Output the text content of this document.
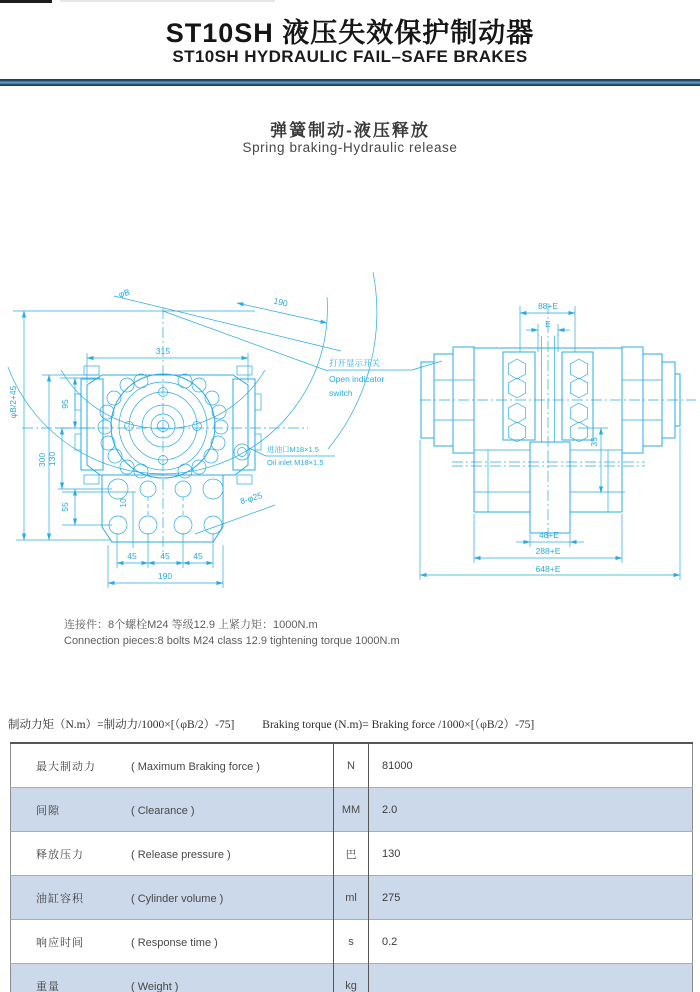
ST10SH 液压失效保护制动器
ST10SH HYDRAULIC FAIL–SAFE BRAKES
弹簧制动-液压释放
Spring braking-Hydraulic release
φB
190
315
φB/2+45
300
95
130
55	10
45	45	45
190
8-φ25
进油口M18×1.5
Oil inlet M18×1.5
88+E
E
35
48+E
288+E
648+E
打开显示开关
Open indicator
switch
连接件：8个螺栓M24 等级12.9 上紧力矩：1000N.m
Connection pieces:8 bolts M24 class 12.9 tightening torque 1000N.m
制动力矩（N.m）=制动力/1000×[（φB/2）-75] Braking torque (N.m)= Braking force /1000×[（φB/2）-75]
最大制动力 ( Maximum Braking force )	N	81000
间隙 ( Clearance )	MM	2.0
释放压力 ( Release pressure )	巴	130
油缸容积 ( Cylinder volume )	ml	275
响应时间 ( Response time )	s	0.2
重量 ( Weight )	kg	
